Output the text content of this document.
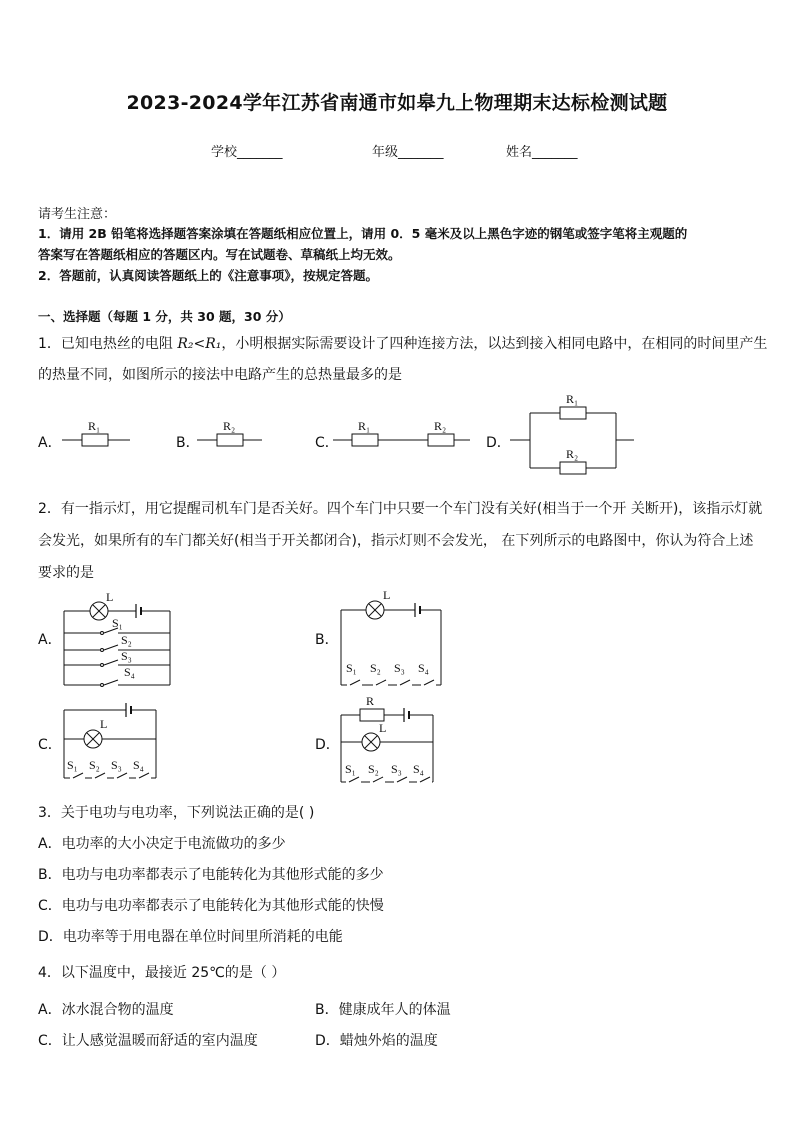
2023-2024学年江苏省南通市如皋九上物理期末达标检测试题
学校_______	年级_______	姓名_______
请考生注意：
1．请用 2B 铅笔将选择题答案涂填在答题纸相应位置上，请用 0．5 毫米及以上黑色字迹的钢笔或签字笔将主观题的
答案写在答题纸相应的答题区内。写在试题卷、草稿纸上均无效。
2．答题前，认真阅读答题纸上的《注意事项》，按规定答题。
一、选择题（每题 1 分，共 30 题，30 分）
1．已知电热丝的电阻 R₂<R₁，小明根据实际需要设计了四种连接方法，以达到接入相同电路中，在相同的时间里产生
的热量不同，如图所示的接法中电路产生的总热量最多的是
A．	B．	C．	D．
R₁	R₂	R₁	R₂
R₁
R₂
2．有一指示灯，用它提醒司机车门是否关好。四个车门中只要一个车门没有关好(相当于一个开 关断开)，该指示灯就
会发光，如果所有的车门都关好(相当于开关都闭合)，指示灯则不会发光， 在下列所示的电路图中，你认为符合上述
要求的是
A．	B．
C．	D．
L
S₁
S₂
S₃
S₄
L
S₁ S₂ S₃ S₄
L
S₁ S₂ S₃ S₄
R
L
S₁ S₂ S₃ S₄
3．关于电功与电功率，下列说法正确的是( )
A．电功率的大小决定于电流做功的多少
B．电功与电功率都表示了电能转化为其他形式能的多少
C．电功与电功率都表示了电能转化为其他形式能的快慢
D．电功率等于用电器在单位时间里所消耗的电能
4．以下温度中，最接近 25℃的是（ ）
A．冰水混合物的温度	B．健康成年人的体温
C．让人感觉温暖而舒适的室内温度	D．蜡烛外焰的温度
